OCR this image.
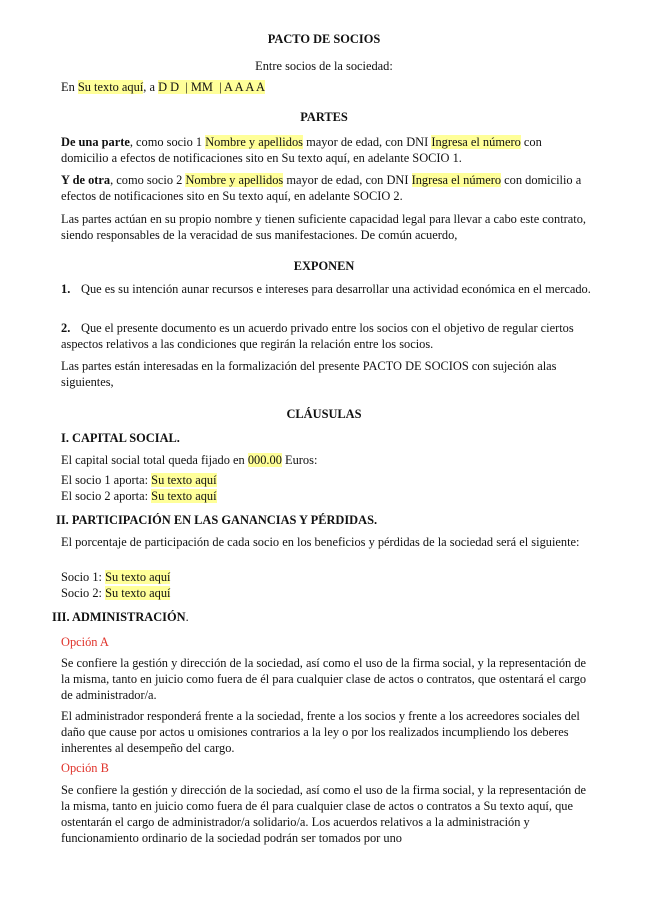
PACTO DE SOCIOS

Entre socios de la sociedad:

En Su texto aquí, a D D  | MM  | A A A A

PARTES

De una parte, como socio 1 Nombre y apellidos mayor de edad, con DNI Ingresa el número con domicilio a efectos de notificaciones sito en Su texto aquí, en adelante SOCIO 1.

Y de otra, como socio 2 Nombre y apellidos mayor de edad, con DNI Ingresa el número con domicilio a efectos de notificaciones sito en Su texto aquí, en adelante SOCIO 2.

Las partes actúan en su propio nombre y tienen suficiente capacidad legal para llevar a cabo este contrato, siendo responsables de la veracidad de sus manifestaciones. De común acuerdo,

EXPONEN

1. Que es su intención aunar recursos e intereses para desarrollar una actividad económica en el mercado.

2. Que el presente documento es un acuerdo privado entre los socios con el objetivo de regular ciertos aspectos relativos a las condiciones que regirán la relación entre los socios.

Las partes están interesadas en la formalización del presente PACTO DE SOCIOS con sujeción alas siguientes,

CLÁUSULAS

I. CAPITAL SOCIAL.

El capital social total queda fijado en 000.00 Euros:

El socio 1 aporta: Su texto aquí

El socio 2 aporta: Su texto aquí

II. PARTICIPACIÓN EN LAS GANANCIAS Y PÉRDIDAS.

El porcentaje de participación de cada socio en los beneficios y pérdidas de la sociedad será el siguiente:

Socio 1: Su texto aquí

Socio 2: Su texto aquí

III. ADMINISTRACIÓN.

Opción A

Se confiere la gestión y dirección de la sociedad, así como el uso de la firma social, y la representación de la misma, tanto en juicio como fuera de él para cualquier clase de actos o contratos, que ostentará el cargo de administrador/a.

El administrador responderá frente a la sociedad, frente a los socios y frente a los acreedores sociales del daño que cause por actos u omisiones contrarios a la ley o por los realizados incumpliendo los deberes inherentes al desempeño del cargo.

Opción B

Se confiere la gestión y dirección de la sociedad, así como el uso de la firma social, y la representación de la misma, tanto en juicio como fuera de él para cualquier clase de actos o contratos a Su texto aquí, que ostentarán el cargo de administrador/a solidario/a. Los acuerdos relativos a la administración y funcionamiento ordinario de la sociedad podrán ser tomados por uno
